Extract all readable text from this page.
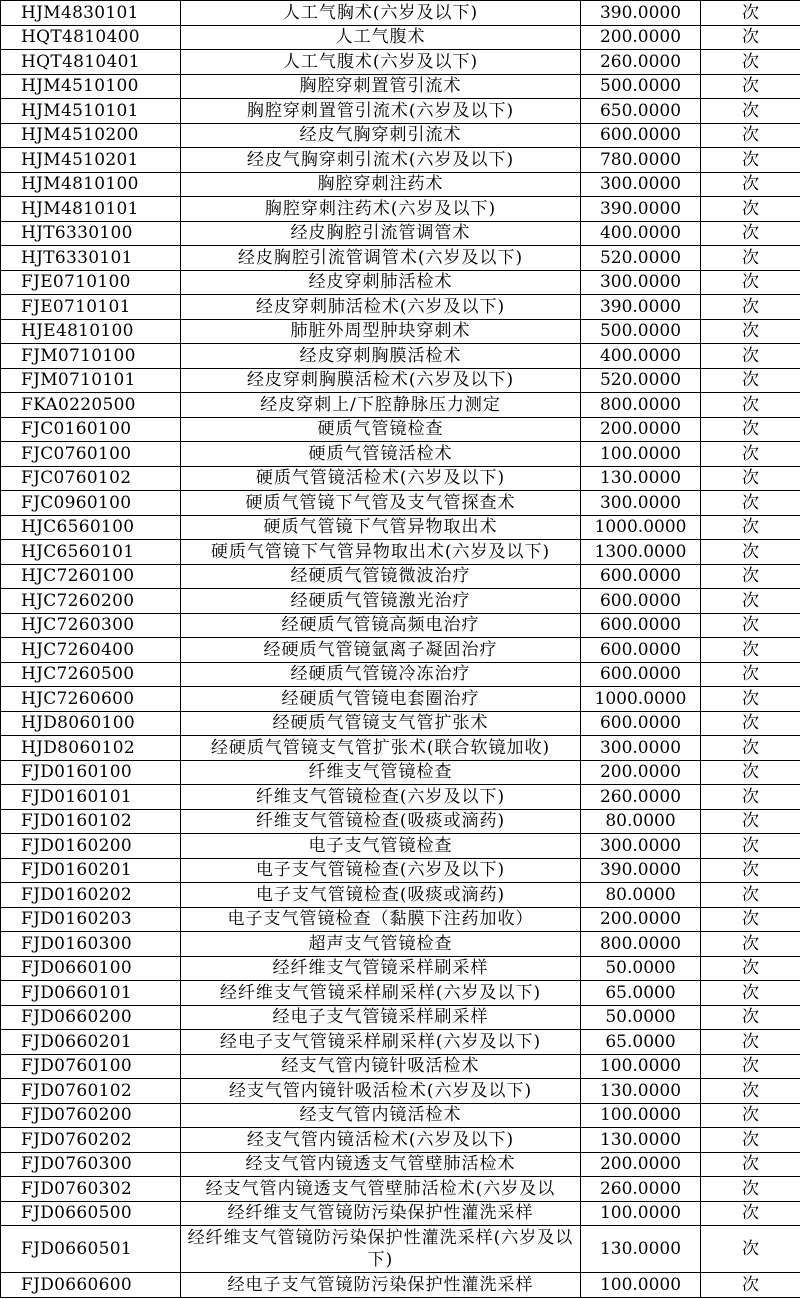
HJM4830101	人工气胸术(六岁及以下)	390.0000	次
HQT4810400	人工气腹术	200.0000	次
HQT4810401	人工气腹术(六岁及以下)	260.0000	次
HJM4510100	胸腔穿刺置管引流术	500.0000	次
HJM4510101	胸腔穿刺置管引流术(六岁及以下)	650.0000	次
HJM4510200	经皮气胸穿刺引流术	600.0000	次
HJM4510201	经皮气胸穿刺引流术(六岁及以下)	780.0000	次
HJM4810100	胸腔穿刺注药术	300.0000	次
HJM4810101	胸腔穿刺注药术(六岁及以下)	390.0000	次
HJT6330100	经皮胸腔引流管调管术	400.0000	次
HJT6330101	经皮胸腔引流管调管术(六岁及以下)	520.0000	次
FJE0710100	经皮穿刺肺活检术	300.0000	次
FJE0710101	经皮穿刺肺活检术(六岁及以下)	390.0000	次
HJE4810100	肺脏外周型肿块穿刺术	500.0000	次
FJM0710100	经皮穿刺胸膜活检术	400.0000	次
FJM0710101	经皮穿刺胸膜活检术(六岁及以下)	520.0000	次
FKA0220500	经皮穿刺上/下腔静脉压力测定	800.0000	次
FJC0160100	硬质气管镜检查	200.0000	次
FJC0760100	硬质气管镜活检术	100.0000	次
FJC0760102	硬质气管镜活检术(六岁及以下)	130.0000	次
FJC0960100	硬质气管镜下气管及支气管探查术	300.0000	次
HJC6560100	硬质气管镜下气管异物取出术	1000.0000	次
HJC6560101	硬质气管镜下气管异物取出术(六岁及以下)	1300.0000	次
HJC7260100	经硬质气管镜微波治疗	600.0000	次
HJC7260200	经硬质气管镜激光治疗	600.0000	次
HJC7260300	经硬质气管镜高频电治疗	600.0000	次
HJC7260400	经硬质气管镜氩离子凝固治疗	600.0000	次
HJC7260500	经硬质气管镜冷冻治疗	600.0000	次
HJC7260600	经硬质气管镜电套圈治疗	1000.0000	次
HJD8060100	经硬质气管镜支气管扩张术	600.0000	次
HJD8060102	经硬质气管镜支气管扩张术(联合软镜加收)	300.0000	次
FJD0160100	纤维支气管镜检查	200.0000	次
FJD0160101	纤维支气管镜检查(六岁及以下)	260.0000	次
FJD0160102	纤维支气管镜检查(吸痰或滴药)	80.0000	次
FJD0160200	电子支气管镜检查	300.0000	次
FJD0160201	电子支气管镜检查(六岁及以下)	390.0000	次
FJD0160202	电子支气管镜检查(吸痰或滴药)	80.0000	次
FJD0160203	电子支气管镜检查（黏膜下注药加收）	200.0000	次
FJD0160300	超声支气管镜检查	800.0000	次
FJD0660100	经纤维支气管镜采样刷采样	50.0000	次
FJD0660101	经纤维支气管镜采样刷采样(六岁及以下)	65.0000	次
FJD0660200	经电子支气管镜采样刷采样	50.0000	次
FJD0660201	经电子支气管镜采样刷采样(六岁及以下)	65.0000	次
FJD0760100	经支气管内镜针吸活检术	100.0000	次
FJD0760102	经支气管内镜针吸活检术(六岁及以下)	130.0000	次
FJD0760200	经支气管内镜活检术	100.0000	次
FJD0760202	经支气管内镜活检术(六岁及以下)	130.0000	次
FJD0760300	经支气管内镜透支气管壁肺活检术	200.0000	次
FJD0760302	经支气管内镜透支气管壁肺活检术(六岁及以	260.0000	次
FJD0660500	经纤维支气管镜防污染保护性灌洗采样	100.0000	次
FJD0660501	经纤维支气管镜防污染保护性灌洗采样(六岁及以下)	130.0000	次
FJD0660600	经电子支气管镜防污染保护性灌洗采样	100.0000	次
